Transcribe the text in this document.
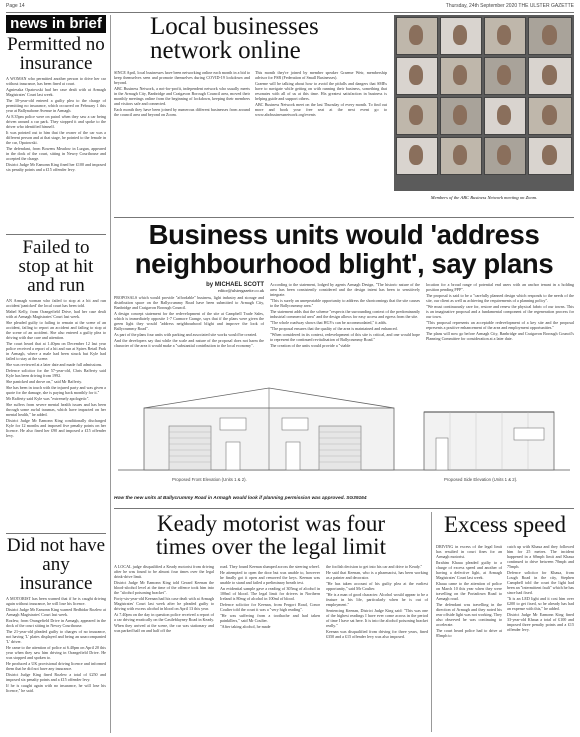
Page 14	Thursday, 24th September 2020 THE ULSTER GAZETTE
news in brief
Permitted no insurance

A WOMAN who permitted another person to drive her car without insurance, has been fined at court.

Agnieszka Opatowski had her case dealt with at Armagh Magistrates' Court last week.

The 30-year-old entered a guilty plea to the charge of permitting no insurance, which occurred on February 1 this year at Ballynahone Avenue in Armagh.

At 8.35pm police were on patrol when they saw a car being driven around a car park. They stopped it and spoke to the driver who identified himself.

It was pointed out to him that the owner of the car was a different person and at that stage, he pointed to the female in the car, Opatowski.

The defendant, from Bowens Meadow in Lurgan, appeared in the dock of the court, sitting in Newry Courthouse and accepted the charge.

District Judge Mr Eamonn King fined her £100 and imposed six penalty points and a £15 offender levy.

Failed to stop at hit and run

AN Armagh woman who failed to stop at a hit and run accident 'panicked' the local court has been told.

Mabel Kelly, from Orangefield Drive, had her case dealt with at Armagh Magistrates' Court last week.

She pleaded guilty to failing to remain at the scene of an accident, failing to report an accident and failing to stop at the scene of an accident. She also entered a guilty plea to driving with due care and attention.

The court heard that at 1.40pm on December 12 last year police received a report of a hit and run at Spires Retail Park in Armagh, where a male had been struck but Kyle had failed to stay at the scene.

She was reviewed at a later date and made full admissions.

Defence solicitor for the 57-year-old, Chris Rafferty said Kyle has been driving from 1992.

She panicked and drove on," said Mr Rafferty.

She has been in touch with the injured party and was given a quote for the damage, she is paying back monthly for it."

Mr Rafferty said Kyle was "extremely apologetic".

She suffers from severe mental health issues and has been through some awful traumas, which have impacted on her mental health," he added.

District Judge Mr Eamonn King conditionally discharged Kyle for 12 months and imposed five penalty points on her licence. He also fined her £90 and imposed a £15 offender levy.

Did not have any insurance

A MOTORIST has been warned that if he is caught driving again without insurance, he will lose his licence.

District Judge Mr Eamonn King warned Bedbidar Rozlew at Armagh Magistrates' Court last week.

Rozlew, from Orangefield Drive in Armagh, appeared in the dock of the court sitting in Newry Courthouse.

The 21-year-old pleaded guilty to charges of no insurance, not having 'L' plates displayed and being an unaccompanied 'L' driver.

He came to the attention of police at 6.40pm on April 20 this year when they saw him driving in Orangefield Drive. He was stopped and spoken to.

He produced a UK provisional driving licence and informed them that he did not have any insurance.

District Judge King fined Rozlew a total of £250 and imposed six penalty points and a £15 offender levy.

If he is caught again with no insurance, he will lose his licence," he said.

Local businesses
network online

SINCE April, local businesses have been networking online each month in a bid to keep themselves seen and promote themselves during COVID-19 lockdown and beyond.

ABC Business Network, a not-for-profit, independent network who usually meets in the Armagh City, Banbridge and Craigavon Borough Council area, moved their monthly meetings online from the beginning of lockdown, keeping their members and visitors safe and connected.

Each month they have been joined by numerous different businesses from around the council area and beyond on Zoom.

This month they're joined by member speaker Graeme Weir, membership advisor for FSB (Federation of Small Businesses).

Graeme will be talking about how to avoid the pitfalls and dangers that SMEs have to navigate while getting on with running their business, something that resonates with all of us at this time. His greatest satisfaction in business is helping guide and support others.

ABC Business Network meet on the last Thursday of every month. To find out more and book your free seat at the next event go to www.abcbusinessnetwork.org/events

Members of the ABC Business Network meeting on Zoom.
Business units would 'address
neighbourhood blight', say plans
by MICHAEL SCOTT
editor@ulstergazette.co.uk

PROPOSALS which would provide "affordable" business, light industry and storage and distribution space on the Ballycrummy Road have been submitted to Armagh City, Banbridge and Craigavon Borough Council.

A design concept statement for the redevelopment of the site at Campbell Trade Sales, which is immediately opposite 1-7 Carmore Grange, says that if the plans were given the green light they would "address neighbourhood blight and improve the look of Ballycrummy Road".

As part of the plans four units with parking and associated site works would be created.

And the developers say that while the scale and nature of the proposal does not harm the character of the area it would make a "substantial contribution to the local economy".

According to the statement, lodged by agents Armagh Design, "The historic nature of the area has been consistently considered and the design intent has been to sensitively integrate.

"This is surely an unrepeatable opportunity to address the shortcomings that the site causes to the Ballycrummy area."

The statement adds that the scheme "respects the surrounding context of the predominantly industrial commercial area" and the design allows for easy access and egress from the site.

"The whole roadway shows that HGVs can be accommodated," it adds.

"The proposal ensures that the quality of the area is maintained and enhanced.

"When considered in its context, redevelopment of this site is critical, and one would hope to represent the continued revitalisation of Ballycrummy Road."

The creation of the units would provide a "viable

location for a broad range of potential end users with an anchor tenant in a holding position pending PPP".

The proposal is said to be a "carefully planned design which responds to the needs of the site, our client as well as achieving the requirements of a planning policy".

"We must continuously care for, restore and renew the physical fabric of our towns. This is an imaginative proposal and a fundamental component of the regeneration process for our town.

"This proposal represents an acceptable redevelopment of a key site and the proposal represents a positive enhancement of the area and employment opportunities."

The plans will now go before Armagh City, Banbridge and Craigavon Borough Council's Planning Committee for consideration at a later date.

Proposed Front Elevation (Units 1 & 2).	Proposed Side Elevation (Units 1 & 2).
How the new units at Ballycrummy Road in Armagh would look if planning permission was approved. SG39164
Keady motorist was four
times over the legal limit

A LOCAL judge disqualified a Keady motorist from driving after he was found to be almost four times over the legal drink-drive limit.

District Judge Mr Eamonn King told Gerard Keenan the blood-alcohol level at the time of the offence took him into the "alcohol poisoning bracket".

Forty-six-year-old Keenan had his case dealt with at Armagh Magistrates' Court last week after he pleaded guilty to driving with excess alcohol in blood on April 13 this year.

At 7.40pm on the day in question police received a report of a car driving erratically on the Castleblayney Road in Keady.

When they arrived at the scene, the car was stationary and was parked half on and half off the

road. They found Keenan slumped across the steering wheel.

He attempted to open the door but was unable to, however he finally got it open and removed the keys. Keenan was unable to stand and failed a preliminary breath test.

An evidential sample gave a reading of 305mg of alcohol in 100ml of blood. The legal limit for drivers in Northern Ireland is 80mg of alcohol in 100ml of blood.

Defence solicitor for Keenan, from Fergort Road, Conor Coulter told the court it was a "very high reading".

"He was suffering from a toothache and had taken painkillers," said Mr Coulter.

"After taking alcohol, he made

the foolish decision to get into his car and drive to Keady."

He said that Keenan, who is a pharmacist, has been working as a painter and decorator.

"He has taken account of his guilty plea at the earliest opportunity," said Mr Coulter.

"He is a man of good character. Alcohol would appear to be a feature in his life, particularly when he is out of employment."

Sentencing Keenan, District Judge King said: "This was one of the highest readings I have ever come across in the period of time I have sat here. It is into the alcohol poisoning bracket really."

Keenan was disqualified from driving for three years, fined £350 and a £15 offender levy was also imposed.

Excess speed

DRIVING in excess of the legal limit has resulted in court fines for an Armagh motorist.

Ibrahim Khaua pleaded guilty to a charge of excess speed and another of having a defective light, at Armagh Magistrates' Court last week.

Khaua came to the attention of police on March 10 this year when they were travelling on the Portadown Road to Armagh road.

The defendant was travelling in the direction of Armagh and they noted his rear offside light was not working. They also observed he was continuing to accelerate.

The court heard police had to drive at 85mph to

catch up with Khaua and they followed him for 25 metres. The incident happened in a 60mph limit and Khaua continued to drive between 70mph and 75mph.

Defence solicitor for Khaua, from Lough Road in the city, Stephen Campbell told the court the light had been an "intermittent fault" which he has since had fixed.

"It is an LED light and it cost him over £200 to get fixed, so he already has had an expense with this," he added.

District Judge Mr Eamonn King fined 33-year-old Khaua a total of £100 and imposed three penalty points and a £15 offender levy.
